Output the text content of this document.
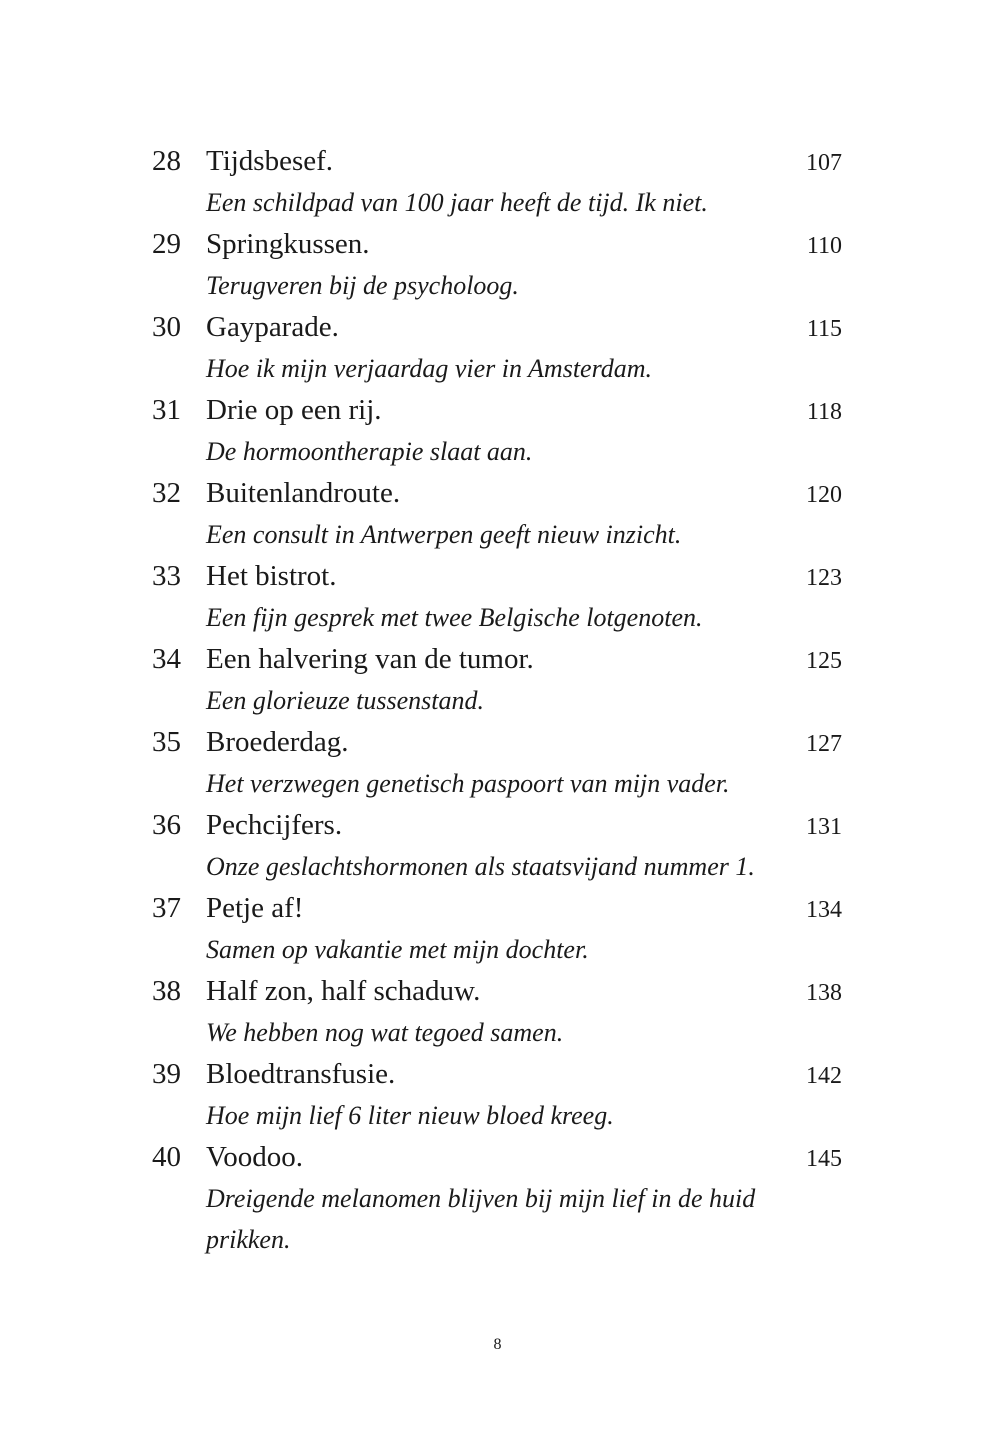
28 Tijdsbesef.	107
Een schildpad van 100 jaar heeft de tijd. Ik niet.
29 Springkussen.	110
Terugveren bij de psycholoog.
30 Gayparade.	115
Hoe ik mijn verjaardag vier in Amsterdam.
31 Drie op een rij.	118
De hormoontherapie slaat aan.
32 Buitenlandroute.	120
Een consult in Antwerpen geeft nieuw inzicht.
33 Het bistrot.	123
Een fijn gesprek met twee Belgische lotgenoten.
34 Een halvering van de tumor.	125
Een glorieuze tussenstand.
35 Broederdag.	127
Het verzwegen genetisch paspoort van mijn vader.
36 Pechcijfers.	131
Onze geslachtshormonen als staatsvijand nummer 1.
37 Petje af!	134
Samen op vakantie met mijn dochter.
38 Half zon, half schaduw.	138
We hebben nog wat tegoed samen.
39 Bloedtransfusie.	142
Hoe mijn lief 6 liter nieuw bloed kreeg.
40 Voodoo.	145
Dreigende melanomen blijven bij mijn lief in de huid prikken.
8
